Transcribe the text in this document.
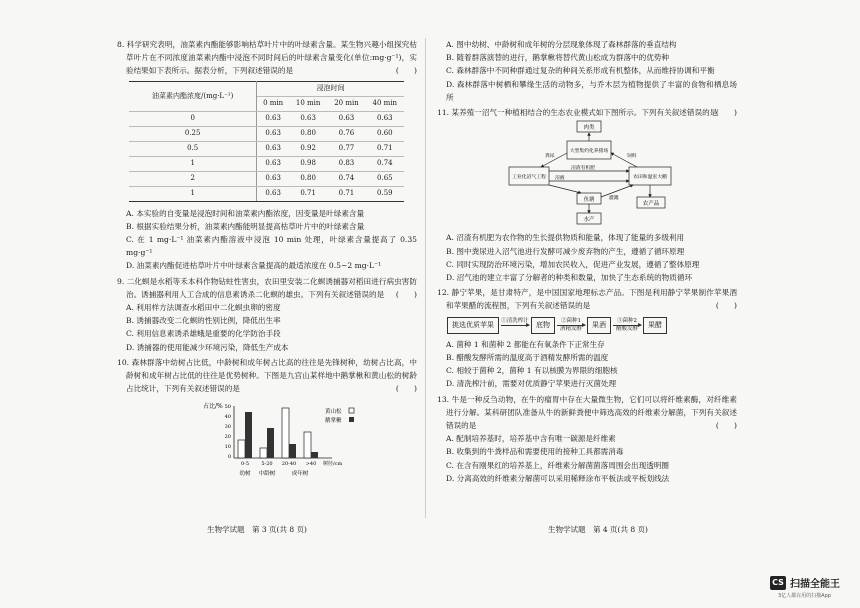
8. 科学研究表明，油菜素内酯能够影响枯草叶片中的叶绿素含量。某生物兴趣小组探究枯草叶片在不同浓度油菜素内酯中浸泡不同时间后的叶绿素含量变化(单位:mg·g⁻¹)，实验结果如下表所示。据表分析，下列叙述错误的是	(　　)
油菜素内酯浓度/(mg·L⁻¹)	浸泡时间			
	0 min	10 min	20 min	40 min
0	0.63	0.63	0.63	0.63
0.25	0.63	0.80	0.76	0.60
0.5	0.63	0.92	0.77	0.71
1	0.63	0.98	0.83	0.74
2	0.63	0.80	0.74	0.65
1	0.63	0.71	0.71	0.59
A. 本实验的自变量是浸泡时间和油菜素内酯浓度，因变量是叶绿素含量
B. 根据实验结果分析，油菜素内酯能明显提高枯草叶片中的叶绿素含量
C. 在 1 mg·L⁻¹ 油菜素内酯溶液中浸泡 10 min 处理，叶绿素含量提高了 0.35 mg·g⁻¹
D. 油菜素内酯促进枯草叶片中叶绿素含量提高的最适浓度在 0.5~2 mg·L⁻¹
9. 二化螟是水稻等禾本科作物钻蛀性害虫，农田里安装二化螟诱捕器对稻田进行病虫害防治。诱捕器利用人工合成的信息素诱杀二化螟的雄虫。下列有关叙述错误的是 (　　)
A. 利用样方法调查水稻田中二化螟虫卵的密度
B. 诱捕器改变二化螟的性别比例，降低出生率
C. 利用信息素诱杀雄蛾是重要的化学防治手段
D. 诱捕器的使用能减少环境污染，降低生产成本
10. 森林群落中幼树占比低，中龄树和成年树占比高的往往是先锋树种，幼树占比高，中龄树和成年树占比低的往往是优势树种。下图是九宫山某样地中鹅掌楸和黄山松的树龄占比统计，下列有关叙述错误的是	(　　)
占比/% 50
40
30
20
10
0
0-5 5-20 20-40 >40 树径/cm
幼树 中龄树	成年树
黄山松
鹅掌楸
生物学试题　第 3 页(共 8 页)
A. 图中幼树、中龄树和成年树的分层现象体现了森林群落的垂直结构
B. 随着群落演替的进行，鹅掌楸将替代黄山松成为群落中的优势种
C. 森林群落中不同种群通过复杂的种间关系形成有机整体，从而维持协调和平衡
D. 森林群落中树栖和攀缘生活的动物多，与乔木层为植物提供了丰富的食物和栖息场所
11. 某养殖一沼气一种植相结合的生态农业模式如下图所示。下列有关叙述错误的是
(　　)
肉类
大型集约化养猪场
工业化沼气工程	农田和温室大棚
鱼塘
水产
农产品
粪尿	饲料
沼渣有机肥
沼液
灌溉
A. 沼渣有机肥为农作物的生长提供物质和能量，体现了能量的多级利用
B. 图中粪尿进入沼气池进行发酵可减少废弃物的产生，遵循了循环原理
C. 同时实现防治环境污染，增加农民收入，促进产业发展，遵循了整体原理
D. 沼气池的建立丰富了分解者的种类和数量，加快了生态系统的物质循环
12. 静宁苹果，是甘肃特产，是中国国家地理标志产品。下图是利用静宁苹果制作苹果酒和苹果醋的流程图，下列有关叙述错误的是	(　　)
挑选优质苹果	①清洗榨汁
	底物	②菌种1
酒精发酵
果酒	③菌种2
醋酸发酵
果醋
A. 菌种 1 和菌种 2 都能在有氧条件下正常生存
B. 醋酸发酵所需的温度高于酒精发酵所需的温度
C. 相较于菌种 2，菌种 1 有以核膜为界限的细胞核
D. 清洗榨汁前，需要对优质静宁苹果进行灭菌处理
13. 牛是一种反刍动物，在牛的瘤胃中存在大量微生物，它们可以将纤维素酶，对纤维素进行分解。某科研团队准备从牛的新鲜粪便中筛选高效的纤维素分解菌，下列有关叙述错误的是	(　　)
A. 配制培养基时，培养基中含有唯一碳源是纤维素
B. 收集到的牛粪样品和需要使用的接种工具都需消毒
C. 在含有刚果红的培养基上，纤维素分解菌菌落周围会出现透明圈
D. 分离高效的纤维素分解菌可以采用稀释涂布平板法或平板划线法
生物学试题　第 4 页(共 8 页)
CS 扫描全能王
3亿人都在用的扫描App
